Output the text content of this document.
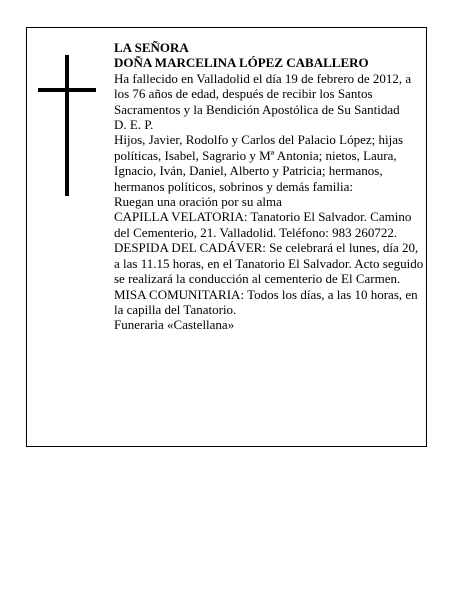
LA SEÑORA

DOÑA MARCELINA LÓPEZ CABALLERO

Ha fallecido en Valladolid el día 19 de febrero de 2012, a los 76 años de edad, después de recibir los Santos Sacramentos y la Bendición Apostólica de Su Santidad

D. E. P.

Hijos, Javier, Rodolfo y Carlos del Palacio López; hijas políticas, Isabel, Sagrario y Mª Antonia; nietos, Laura, Ignacio, Iván, Daniel, Alberto y Patricia; hermanos, hermanos políticos, sobrinos y demás familia:

Ruegan una oración por su alma

CAPILLA VELATORIA: Tanatorio El Salvador. Camino del Cementerio, 21. Valladolid. Teléfono: 983 260722.

DESPIDA DEL CADÁVER: Se celebrará el lunes, día 20, a las 11.15 horas, en el Tanatorio El Salvador. Acto seguido se realizará la conducción al cementerio de El Carmen.

MISA COMUNITARIA: Todos los días, a las 10 horas, en la capilla del Tanatorio.

Funeraria «Castellana»
